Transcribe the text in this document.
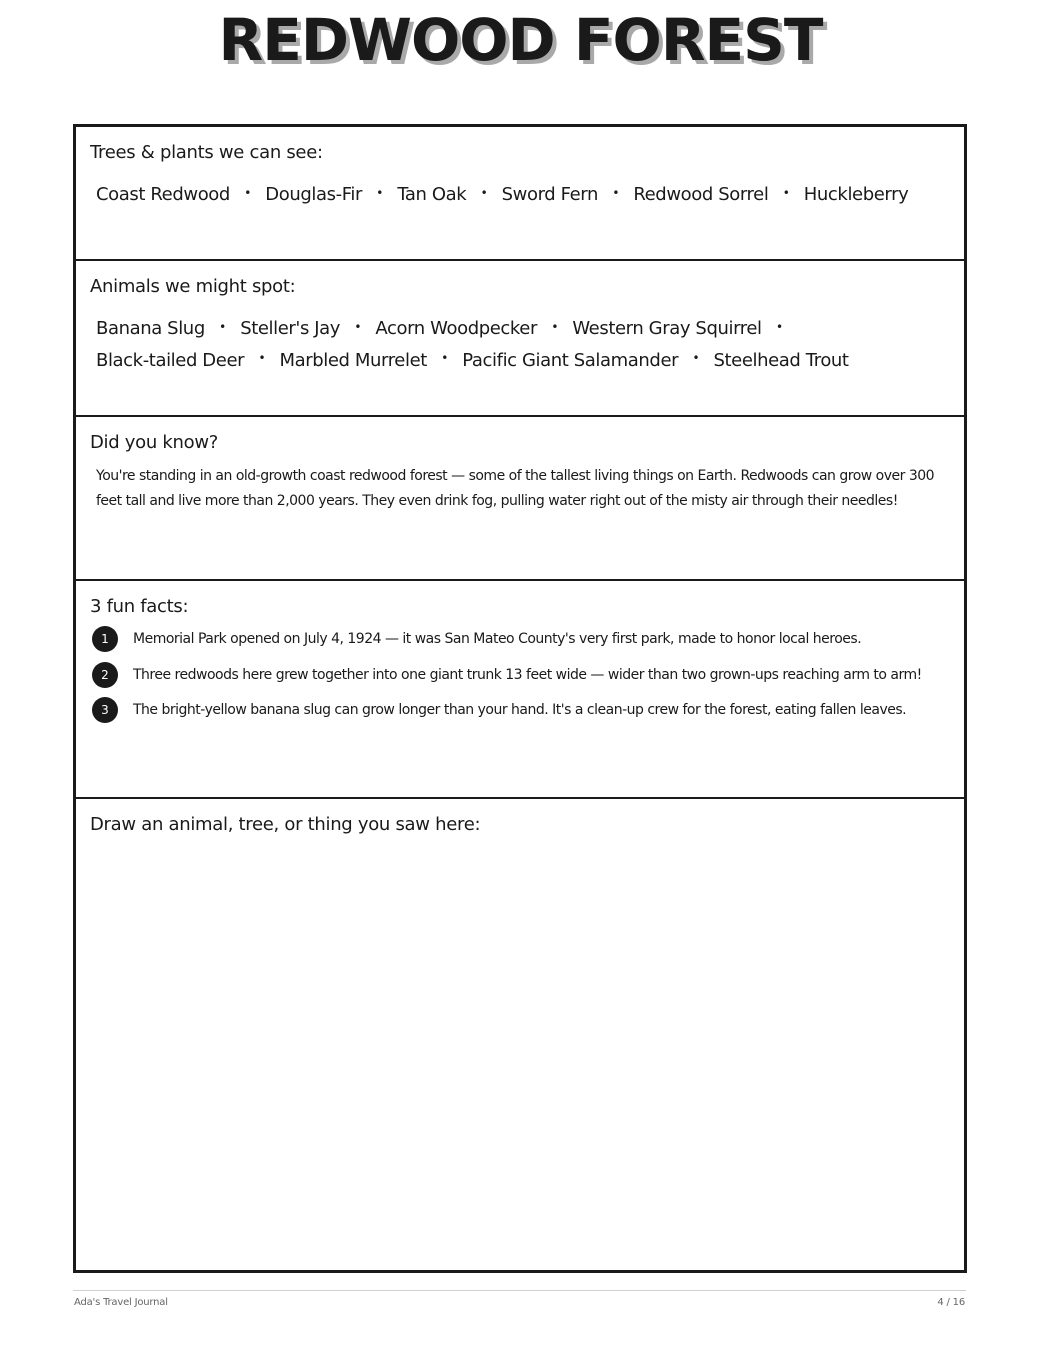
REDWOOD FOREST
Trees & plants we can see:
Coast Redwood • Douglas-Fir • Tan Oak • Sword Fern • Redwood Sorrel • Huckleberry
Animals we might spot:
Banana Slug • Steller's Jay • Acorn Woodpecker • Western Gray Squirrel • Black-tailed Deer • Marbled Murrelet • Pacific Giant Salamander • Steelhead Trout
Did you know?
You're standing in an old-growth coast redwood forest — some of the tallest living things on Earth. Redwoods can grow over 300 feet tall and live more than 2,000 years. They even drink fog, pulling water right out of the misty air through their needles!
3 fun facts:
1	Memorial Park opened on July 4, 1924 — it was San Mateo County's very first park, made to honor local heroes.
2	Three redwoods here grew together into one giant trunk 13 feet wide — wider than two grown-ups reaching arm to arm!
3	The bright-yellow banana slug can grow longer than your hand. It's a clean-up crew for the forest, eating fallen leaves.
Draw an animal, tree, or thing you saw here:
Ada's Travel Journal	4 / 16
